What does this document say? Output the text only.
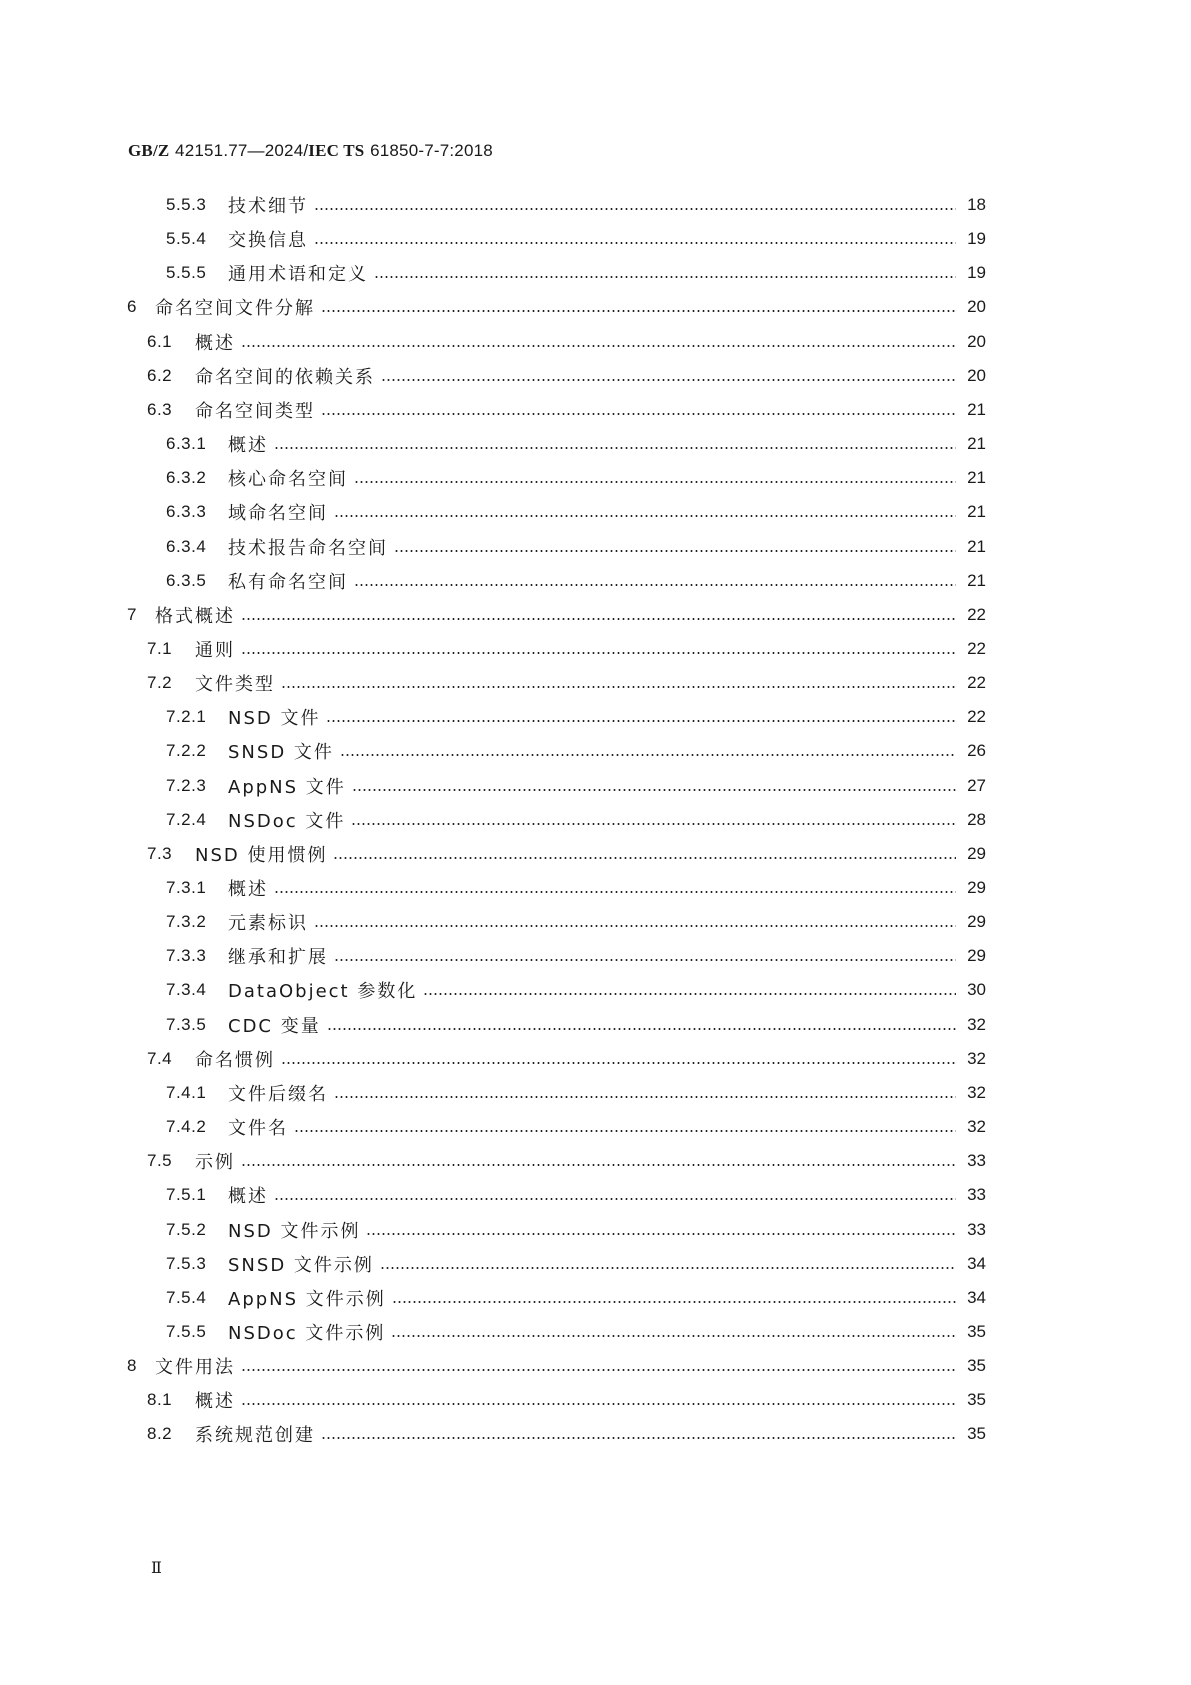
GB/Z 42151.77—2024/IEC TS 61850-7-7:2018
5.5.3	技术细节	18
5.5.4	交换信息	19
5.5.5	通用术语和定义	19
6	命名空间文件分解	20
6.1	概述	20
6.2	命名空间的依赖关系	20
6.3	命名空间类型	21
6.3.1	概述	21
6.3.2	核心命名空间	21
6.3.3	域命名空间	21
6.3.4	技术报告命名空间	21
6.3.5	私有命名空间	21
7	格式概述	22
7.1	通则	22
7.2	文件类型	22
7.2.1	NSD 文件	22
7.2.2	SNSD 文件	26
7.2.3	AppNS 文件	27
7.2.4	NSDoc 文件	28
7.3	NSD 使用惯例	29
7.3.1	概述	29
7.3.2	元素标识	29
7.3.3	继承和扩展	29
7.3.4	DataObject 参数化	30
7.3.5	CDC 变量	32
7.4	命名惯例	32
7.4.1	文件后缀名	32
7.4.2	文件名	32
7.5	示例	33
7.5.1	概述	33
7.5.2	NSD 文件示例	33
7.5.3	SNSD 文件示例	34
7.5.4	AppNS 文件示例	34
7.5.5	NSDoc 文件示例	35
8	文件用法	35
8.1	概述	35
8.2	系统规范创建	35
Ⅱ
